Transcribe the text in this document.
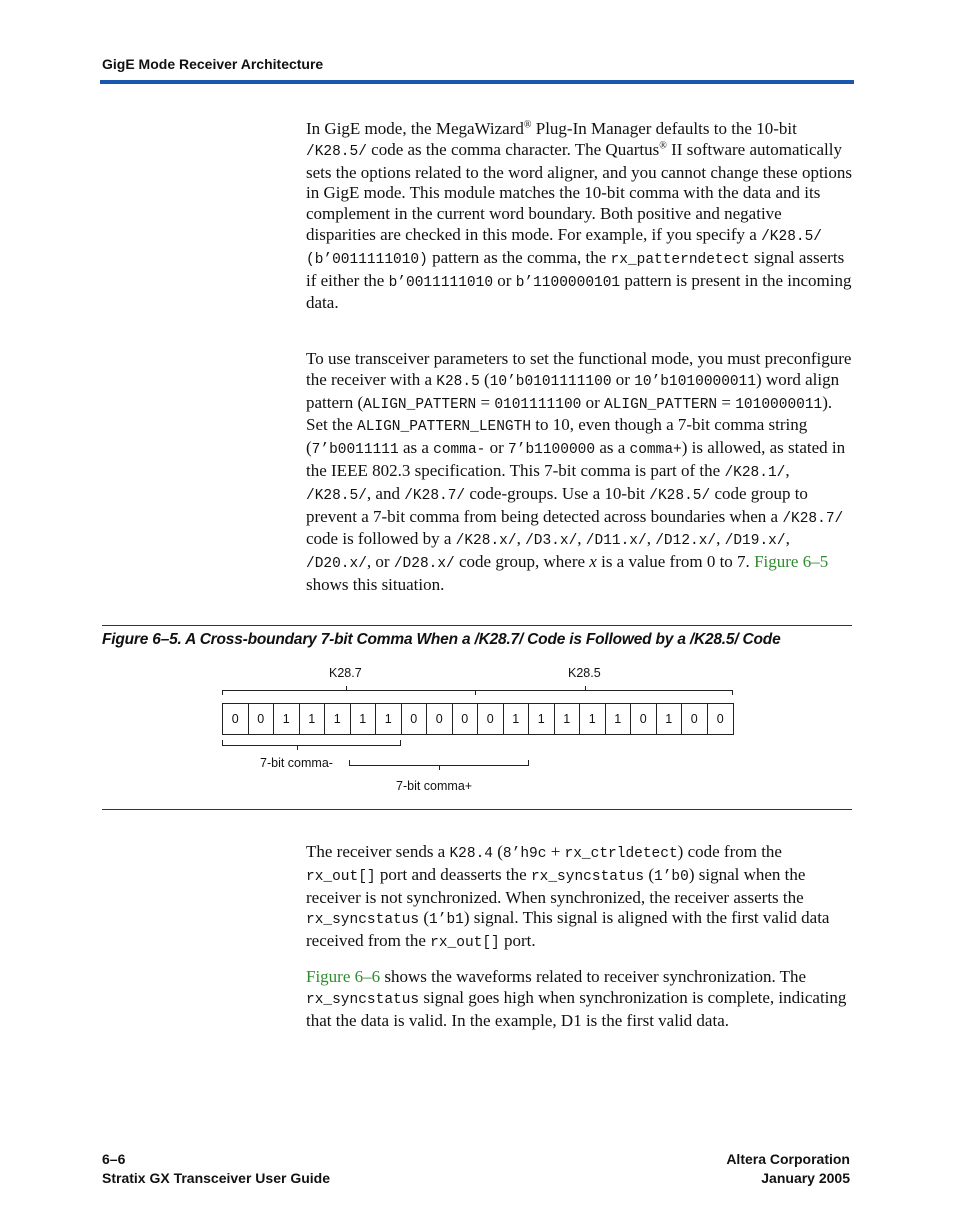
GigE Mode Receiver Architecture

In GigE mode, the MegaWizard® Plug-In Manager defaults to the 10-bit /K28.5/ code as the comma character. The Quartus® II software automatically sets the options related to the word aligner, and you cannot change these options in GigE mode. This module matches the 10-bit comma with the data and its complement in the current word boundary. Both positive and negative disparities are checked in this mode. For example, if you specify a /K28.5/ (b’0011111010) pattern as the comma, the rx_patterndetect signal asserts if either the b’0011111010 or b’1100000101 pattern is present in the incoming data.

To use transceiver parameters to set the functional mode, you must preconfigure the receiver with a K28.5 (10’b0101111100 or 10’b1010000011) word align pattern (ALIGN_PATTERN = 0101111100 or ALIGN_PATTERN = 1010000011). Set the ALIGN_PATTERN_LENGTH to 10, even though a 7-bit comma string (7’b0011111 as a comma- or 7’b1100000 as a comma+) is allowed, as stated in the IEEE 802.3 specification. This 7-bit comma is part of the /K28.1/, /K28.5/, and /K28.7/ code-groups. Use a 10-bit /K28.5/ code group to prevent a 7-bit comma from being detected across boundaries when a /K28.7/ code is followed by a /K28.x/, /D3.x/, /D11.x/, /D12.x/, /D19.x/, /D20.x/, or /D28.x/ code group, where x is a value from 0 to 7. Figure 6–5 shows this situation.

Figure 6–5. A Cross-boundary 7-bit Comma When a /K28.7/ Code is Followed by a /K28.5/ Code
K28.7	K28.5
0	0	1	1	1	1	1	0	0	0	0	1	1	1	1	1	0	1	0	0
7-bit comma-
7-bit comma+

The receiver sends a K28.4 (8’h9c + rx_ctrldetect) code from the rx_out[] port and deasserts the rx_syncstatus (1’b0) signal when the receiver is not synchronized. When synchronized, the receiver asserts the rx_syncstatus (1’b1) signal. This signal is aligned with the first valid data received from the rx_out[] port.

Figure 6–6 shows the waveforms related to receiver synchronization. The rx_syncstatus signal goes high when synchronization is complete, indicating that the data is valid. In the example, D1 is the first valid data.

6–6
Stratix GX Transceiver User Guide
Altera Corporation
January 2005
